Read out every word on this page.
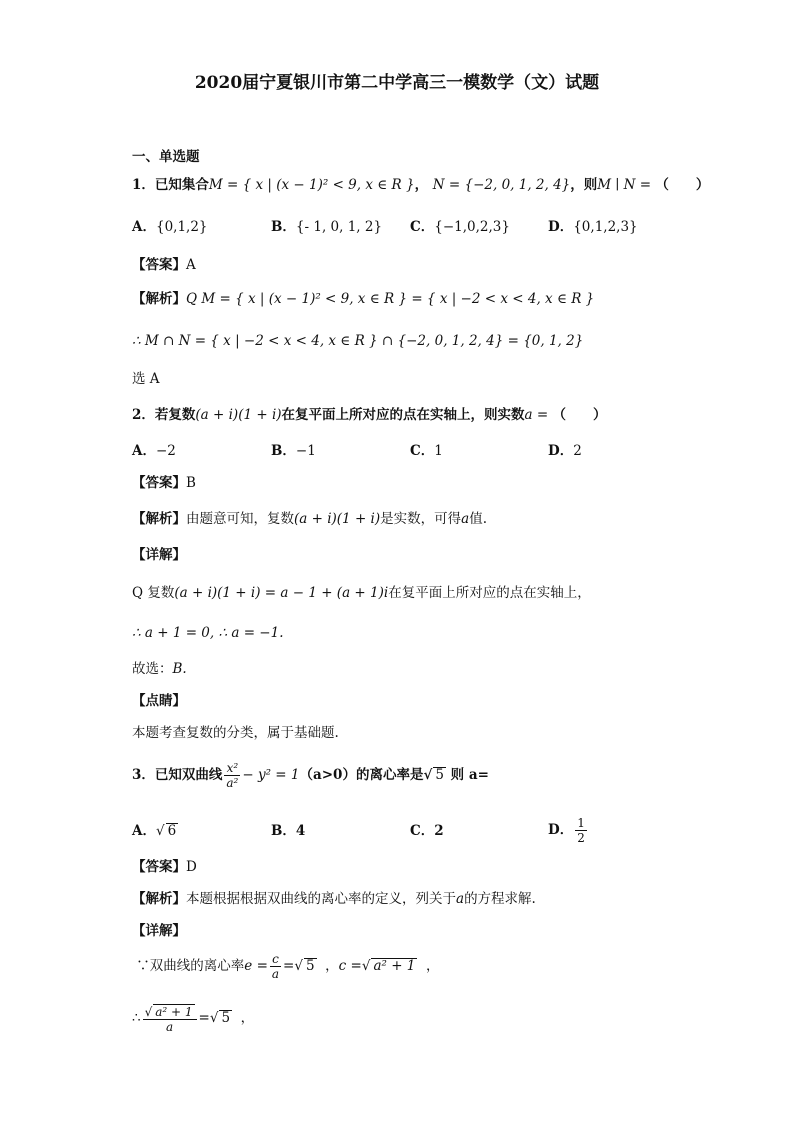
2020届宁夏银川市第二中学高三一模数学（文）试题
一、单选题
1．已知集合M = { x | (x − 1)² < 9, x ∈ R }， N = {−2, 0, 1, 2, 4}，则M ∣ N = （　　）
A．{0,1,2}	B．{- 1, 0, 1, 2} C．{−1,0,2,3}	D．{0,1,2,3}
【答案】A
【解析】Q M = { x | (x − 1)² < 9, x ∈ R } = { x | −2 < x < 4, x ∈ R }
∴ M ∩ N = { x | −2 < x < 4, x ∈ R } ∩ {−2, 0, 1, 2, 4} = {0, 1, 2}
选 A
2．若复数(a + i)(1 + i)在复平面上所对应的点在实轴上，则实数a = （　　）
A．−2	B．−1	C．1	D．2
【答案】B
【解析】由题意可知，复数(a + i)(1 + i)是实数，可得a值.
【详解】
Q 复数(a + i)(1 + i) = a − 1 + (a + 1)i在复平面上所对应的点在实轴上，
∴ a + 1 = 0, ∴ a = −1.
故选：B.
【点睛】
本题考查复数的分类，属于基础题.
3．已知双曲线 $\frac{\text{x²}}{\text{a²}} - y^2 = 1(a>0)$的离心率是√ 5 则 a=
A．√ 6	B．4	C．2	D． $\frac{1}{2}$
【答案】D
【解析】本题根据根据双曲线的离心率的定义，列关于a的方程求解.
【详解】
∵双曲线的离心率$e = \frac{c}{a}$ =√ 5 ，c =√ a² + 1 ，
∴ $\frac{\text{√ a² + 1}}{a}$ =√ 5 ，
